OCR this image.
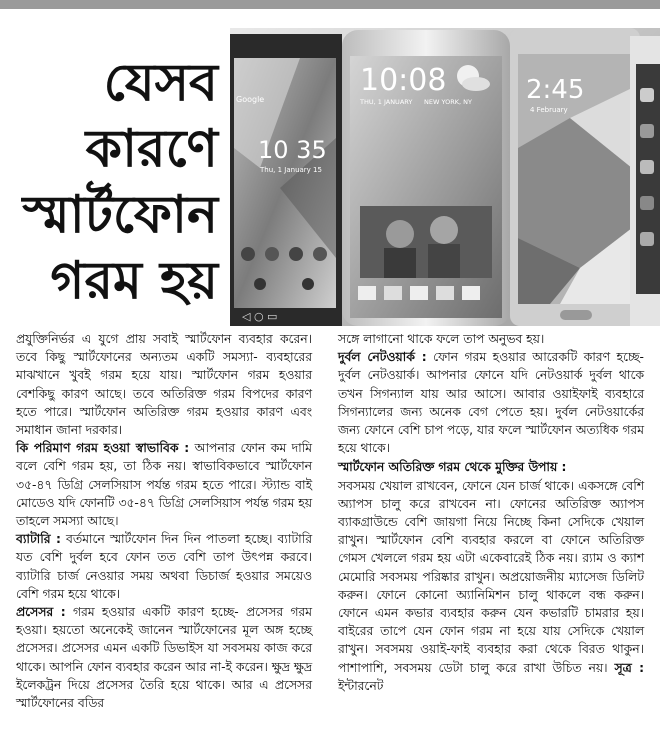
যেসব
কারণে
স্মার্টফোন
গরম হয়
Google
10 35
Thu, 1 January 15
◁ ○ ▭
10:08
THU, 1 JANUARY NEW YORK, NY 2:45
4 February

প্রযুক্তিনির্ভর এ যুগে প্রায় সবাই স্মার্টফোন ব্যবহার করেন। তবে কিছু স্মার্টফোনের অন্যতম একটি সমস্যা- ব্যবহারের মাঝখানে খুবই গরম হয়ে যায়। স্মার্টফোন গরম হওয়ার বেশকিছু কারণ আছে। তবে অতিরিক্ত গরম বিপদের কারণ হতে পারে। স্মার্টফোন অতিরিক্ত গরম হওয়ার কারণ এবং সমাধান জানা দরকার।

কি পরিমাণ গরম হওয়া স্বাভাবিক : আপনার ফোন কম দামি বলে বেশি গরম হয়, তা ঠিক নয়। স্বাভাবিকভাবে স্মার্টফোন ৩৫-৪৭ ডিগ্রি সেলসিয়াস পর্যন্ত গরম হতে পারে। স্ট্যান্ড বাই মোডেও যদি ফোনটি ৩৫-৪৭ ডিগ্রি সেলসিয়াস পর্যন্ত গরম হয় তাহলে সমস্যা আছে।

ব্যাটারি : বর্তমানে স্মার্টফোন দিন দিন পাতলা হচ্ছে। ব্যাটারি যত বেশি দুর্বল হবে ফোন তত বেশি তাপ উৎপন্ন করবে। ব্যাটারি চার্জ নেওয়ার সময় অথবা ডিচার্জ হওয়ার সময়েও বেশি গরম হয়ে থাকে।

প্রসেসর : গরম হওয়ার একটি কারণ হচ্ছে- প্রসেসর গরম হওয়া। হয়তো অনেকেই জানেন স্মার্টফোনের মূল অঙ্গ হচ্ছে প্রসেসর। প্রসেসর এমন একটি ডিভাইস যা সবসময় কাজ করে থাকে। আপনি ফোন ব্যবহার করেন আর না-ই করেন। ক্ষুদ্র ক্ষুদ্র ইলেকট্রন দিয়ে প্রসেসর তৈরি হয়ে থাকে। আর এ প্রসেসর স্মার্টফোনের বডির

সঙ্গে লাগানো থাকে ফলে তাপ অনুভব হয়।

দুর্বল নেটওয়ার্ক : ফোন গরম হওয়ার আরেকটি কারণ হচ্ছে- দুর্বল নেটওয়ার্ক। আপনার ফোনে যদি নেটওয়ার্ক দুর্বল থাকে তখন সিগন্যাল যায় আর আসে। আবার ওয়াইফাই ব্যবহারে সিগন্যালের জন্য অনেক বেগ পেতে হয়। দুর্বল নেটওয়ার্কের জন্য ফোনে বেশি চাপ পড়ে, যার ফলে স্মার্টফোন অত্যধিক গরম হয়ে থাকে।

স্মার্টফোন অতিরিক্ত গরম থেকে মুক্তির উপায় :
সবসময় খেয়াল রাখবেন, ফোনে যেন চার্জ থাকে। একসঙ্গে বেশি অ্যাপস চালু করে রাখবেন না। ফোনের অতিরিক্ত অ্যাপস ব্যাকগ্রাউন্ডে বেশি জায়গা নিয়ে নিচ্ছে কিনা সেদিকে খেয়াল রাখুন। স্মার্টফোন বেশি ব্যবহার করলে বা ফোনে অতিরিক্ত গেমস খেললে গরম হয় এটা একেবারেই ঠিক নয়। র‍্যাম ও ক্যাশ মেমোরি সবসময় পরিষ্কার রাখুন। অপ্রয়োজনীয় ম্যাসেজ ডিলিট করুন। ফোনে কোনো অ্যানিমিশন চালু থাকলে বন্ধ করুন। ফোনে এমন কভার ব্যবহার করুন যেন কভারটি চামরার হয়। বাইরের তাপে যেন ফোন গরম না হয়ে যায় সেদিকে খেয়াল রাখুন। সবসময় ওয়াই-ফাই ব্যবহার করা থেকে বিরত থাকুন। পাশাপাশি, সবসময় ডেটা চালু করে রাখা উচিত নয়। সূত্র : ইন্টারনেট
